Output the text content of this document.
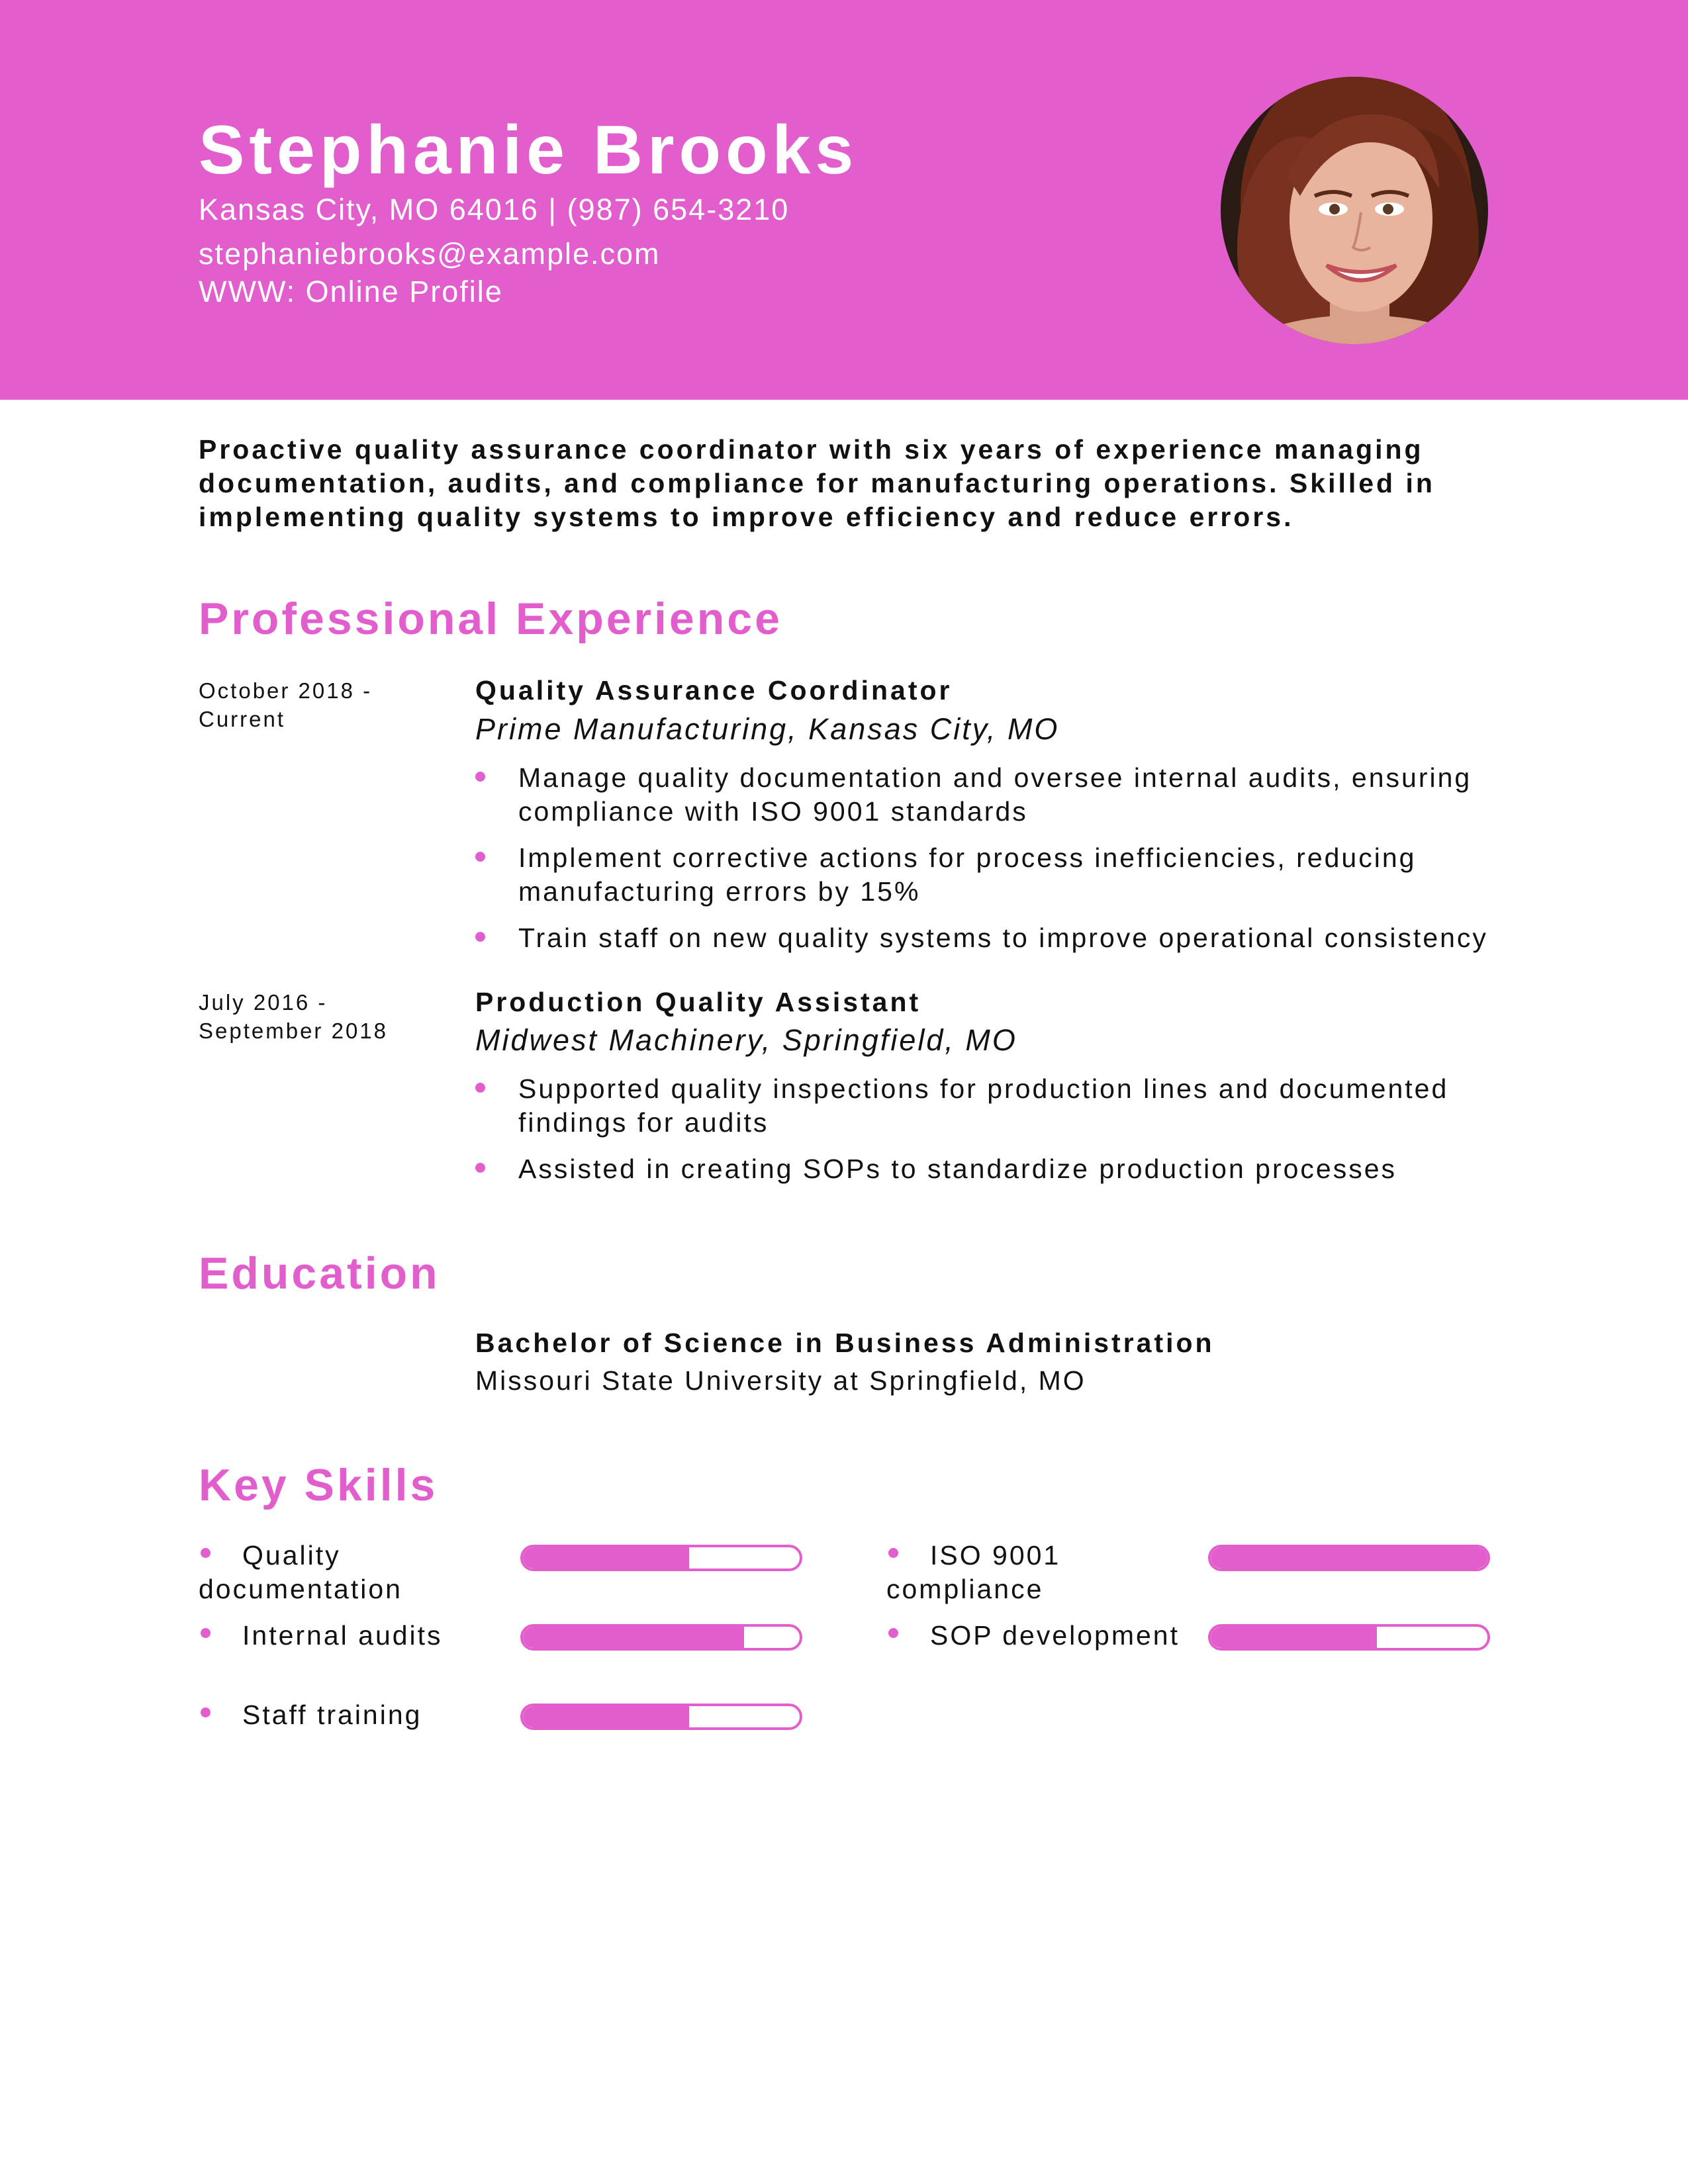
Stephanie Brooks
Kansas City, MO 64016 | (987) 654-3210
stephaniebrooks@example.com
WWW: Online Profile
Proactive quality assurance coordinator with six years of experience managing documentation, audits, and compliance for manufacturing operations. Skilled in implementing quality systems to improve efficiency and reduce errors.
Professional Experience
October 2018 - Current
Quality Assurance Coordinator
Prime Manufacturing, Kansas City, MO
Manage quality documentation and oversee internal audits, ensuring compliance with ISO 9001 standards
Implement corrective actions for process inefficiencies, reducing manufacturing errors by 15%
Train staff on new quality systems to improve operational consistency
July 2016 - September 2018
Production Quality Assistant
Midwest Machinery, Springfield, MO
Supported quality inspections for production lines and documented findings for audits
Assisted in creating SOPs to standardize production processes
Education
Bachelor of Science in Business Administration
Missouri State University at Springfield, MO
Key Skills
Quality documentation
ISO 9001 compliance
Internal audits	SOP development
Staff training
